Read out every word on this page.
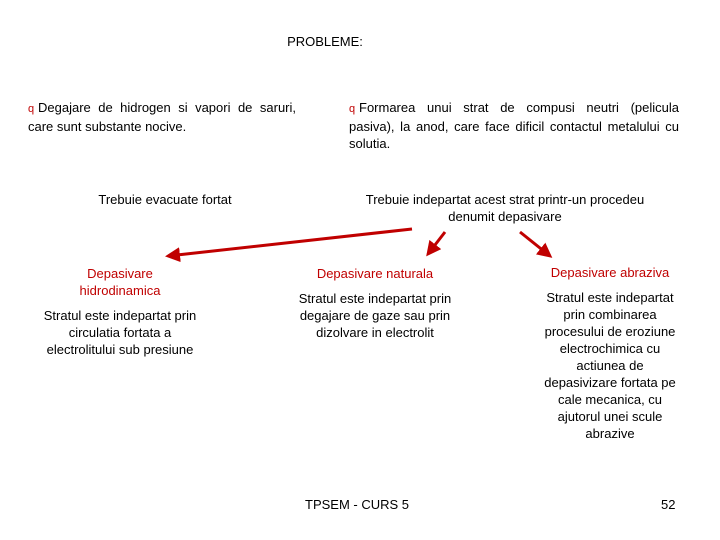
PROBLEME:
q Degajare de hidrogen si vapori de saruri, care sunt substante nocive.
q Formarea unui strat de compusi neutri (pelicula pasiva), la anod, care face dificil contactul metalului cu solutia.
Trebuie evacuate fortat	Trebuie indepartat acest strat printr-un procedeu denumit depasivare
Depasivare hidrodinamica
Stratul este indepartat prin circulatia fortata a electrolitului sub presiune
Depasivare naturala
Stratul este indepartat prin degajare de gaze sau prin dizolvare in electrolit
Depasivare abraziva
Stratul este indepartat prin combinarea procesului de eroziune electrochimica cu actiunea de depasivizare fortata pe cale mecanica, cu ajutorul unei scule abrazive
TPSEM - CURS 5	52
